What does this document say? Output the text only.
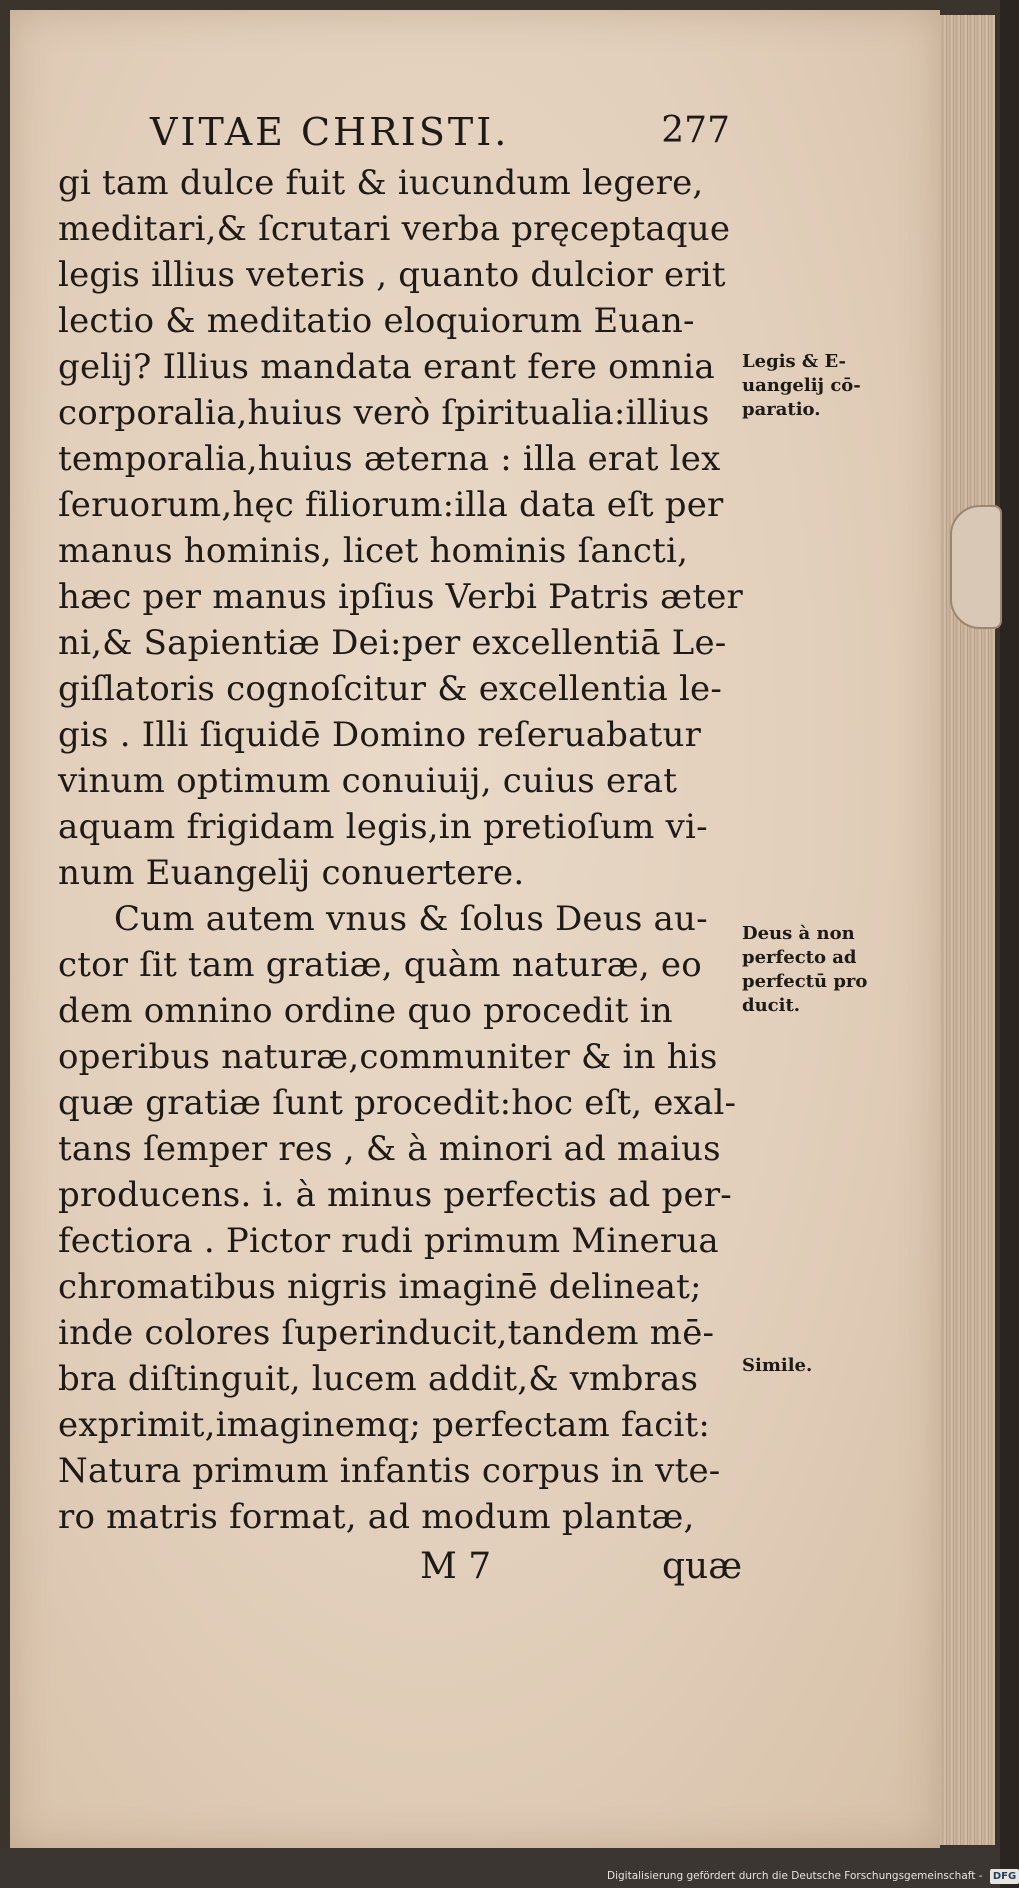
VITAE CHRISTI.	277
gi tam dulce fuit & iucundum legere,
meditari,& ſcrutari verba pręceptaque
legis illius veteris , quanto dulcior erit
lectio & meditatio eloquiorum Euan-
gelij? Illius mandata erant fere omnia
corporalia,huius verò ſpiritualia:illius
temporalia,huius æterna : illa erat lex
ſeruorum,hęc filiorum:illa data eſt per
manus hominis, licet hominis ſancti,
hæc per manus ipſius Verbi Patris æter
ni,& Sapientiæ Dei:per excellentiā Le-
giſlatoris cognoſcitur & excellentia le-
gis . Illi ſiquidē Domino reſeruabatur
vinum optimum conuiuij, cuius erat
aquam frigidam legis,in pretioſum vi-
num Euangelij conuertere.
Cum autem vnus & ſolus Deus au-
ctor ſit tam gratiæ, quàm naturæ, eo
dem omnino ordine quo procedit in
operibus naturæ,communiter & in his
quæ gratiæ ſunt procedit:hoc eſt, exal-
tans ſemper res , & à minori ad maius
producens. i. à minus perfectis ad per-
fectiora . Pictor rudi primum Minerua
chromatibus nigris imaginē delineat;
inde colores ſuperinducit,tandem mē-
bra diſtinguit, lucem addit,& vmbras
exprimit,imaginemq; perfectam facit:
Natura primum infantis corpus in vte-
ro matris format, ad modum plantæ,
Legis & E-
uangelij cō-
paratio.
Deus à non
perfecto ad
perfectū pro
ducit.
Simile.
M 7	quæ
Digitalisierung gefördert durch die Deutsche Forschungsgemeinschaft - DFG
